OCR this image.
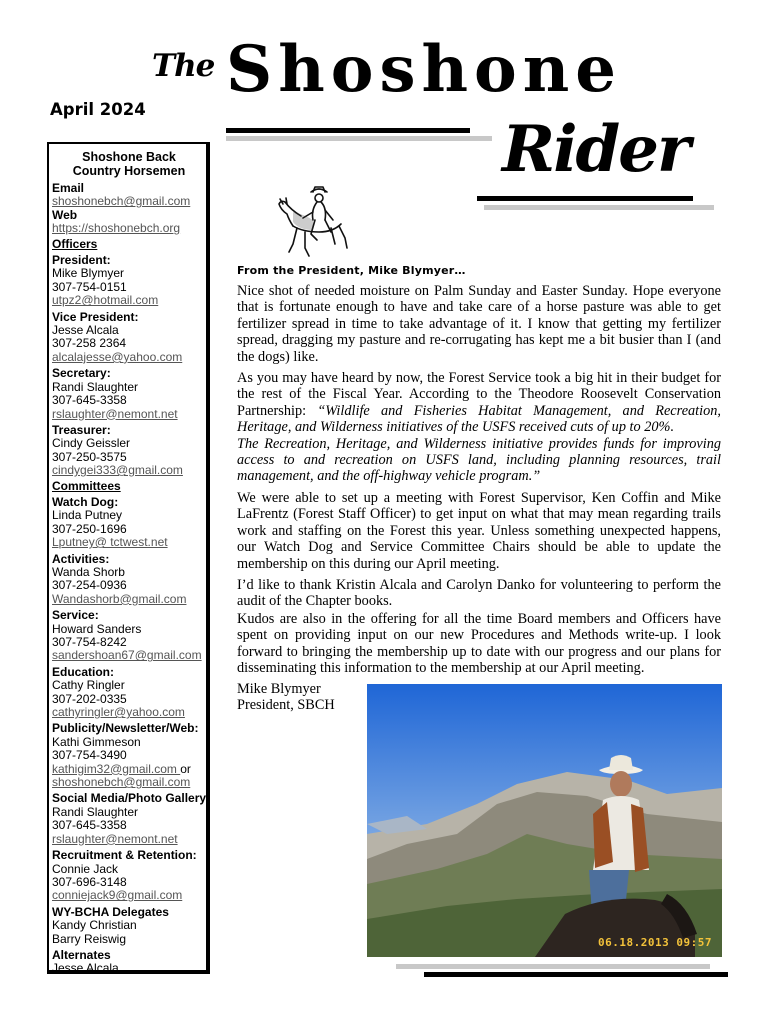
The Shoshone
Rider
April 2024
Shoshone Back
Country Horsemen
Email
shoshonebch@gmail.com
Web
https://shoshonebch.org
Officers
President:
Mike Blymyer
307-754-0151
utpz2@hotmail.com
Vice President:
Jesse Alcala
307-258 2364
alcalajesse@yahoo.com
Secretary:
Randi Slaughter
307-645-3358
rslaughter@nemont.net
Treasurer:
Cindy Geissler
307-250-3575
cindygei333@gmail.com
Committees
Watch Dog:
Linda Putney
307-250-1696
Lputney@ tctwest.net
Activities:
Wanda Shorb
307-254-0936
Wandashorb@gmail.com
Service:
Howard Sanders
307-754-8242
sandershoan67@gmail.com
Education:
Cathy Ringler
307-202-0335
cathyringler@yahoo.com
Publicity/Newsletter/Web:
Kathi Gimmeson
307-754-3490
kathigim32@gmail.com or
shoshonebch@gmail.com
Social Media/Photo Gallery:
Randi Slaughter
307-645-3358
rslaughter@nemont.net
Recruitment & Retention:
Connie Jack
307-696-3148
conniejack9@gmail.com
WY-BCHA Delegates
Kandy Christian
Barry Reiswig
Alternates
Jesse Alcala
From the President, Mike Blymyer…

Nice shot of needed moisture on Palm Sunday and Easter Sunday. Hope everyone that is fortunate enough to have and take care of a horse pasture was able to get fertilizer spread in time to take advantage of it. I know that getting my fertilizer spread, dragging my pasture and re-corrugating has kept me a bit busier than I (and the dogs) like.

As you may have heard by now, the Forest Service took a big hit in their budget for the rest of the Fiscal Year. According to the Theodore Roosevelt Conservation Partnership: “Wildlife and Fisheries Habitat Management, and Recreation, Heritage, and Wilderness initiatives of the USFS received cuts of up to 20%.
The Recreation, Heritage, and Wilderness initiative provides funds for improving access to and recreation on USFS land, including planning resources, trail management, and the off-highway vehicle program.”

We were able to set up a meeting with Forest Supervisor, Ken Coffin and Mike LaFrentz (Forest Staff Officer) to get input on what that may mean regarding trails work and staffing on the Forest this year. Unless something unexpected happens, our Watch Dog and Service Committee Chairs should be able to update the membership on this during our April meeting.

I’d like to thank Kristin Alcala and Carolyn Danko for volunteering to perform the audit of the Chapter books.

Kudos are also in the offering for all the time Board members and Officers have spent on providing input on our new Procedures and Methods write-up. I look forward to bringing the membership up to date with our progress and our plans for disseminating this information to the membership at our April meeting.

Mike Blymyer
President, SBCH
06.18.2013 09:57
